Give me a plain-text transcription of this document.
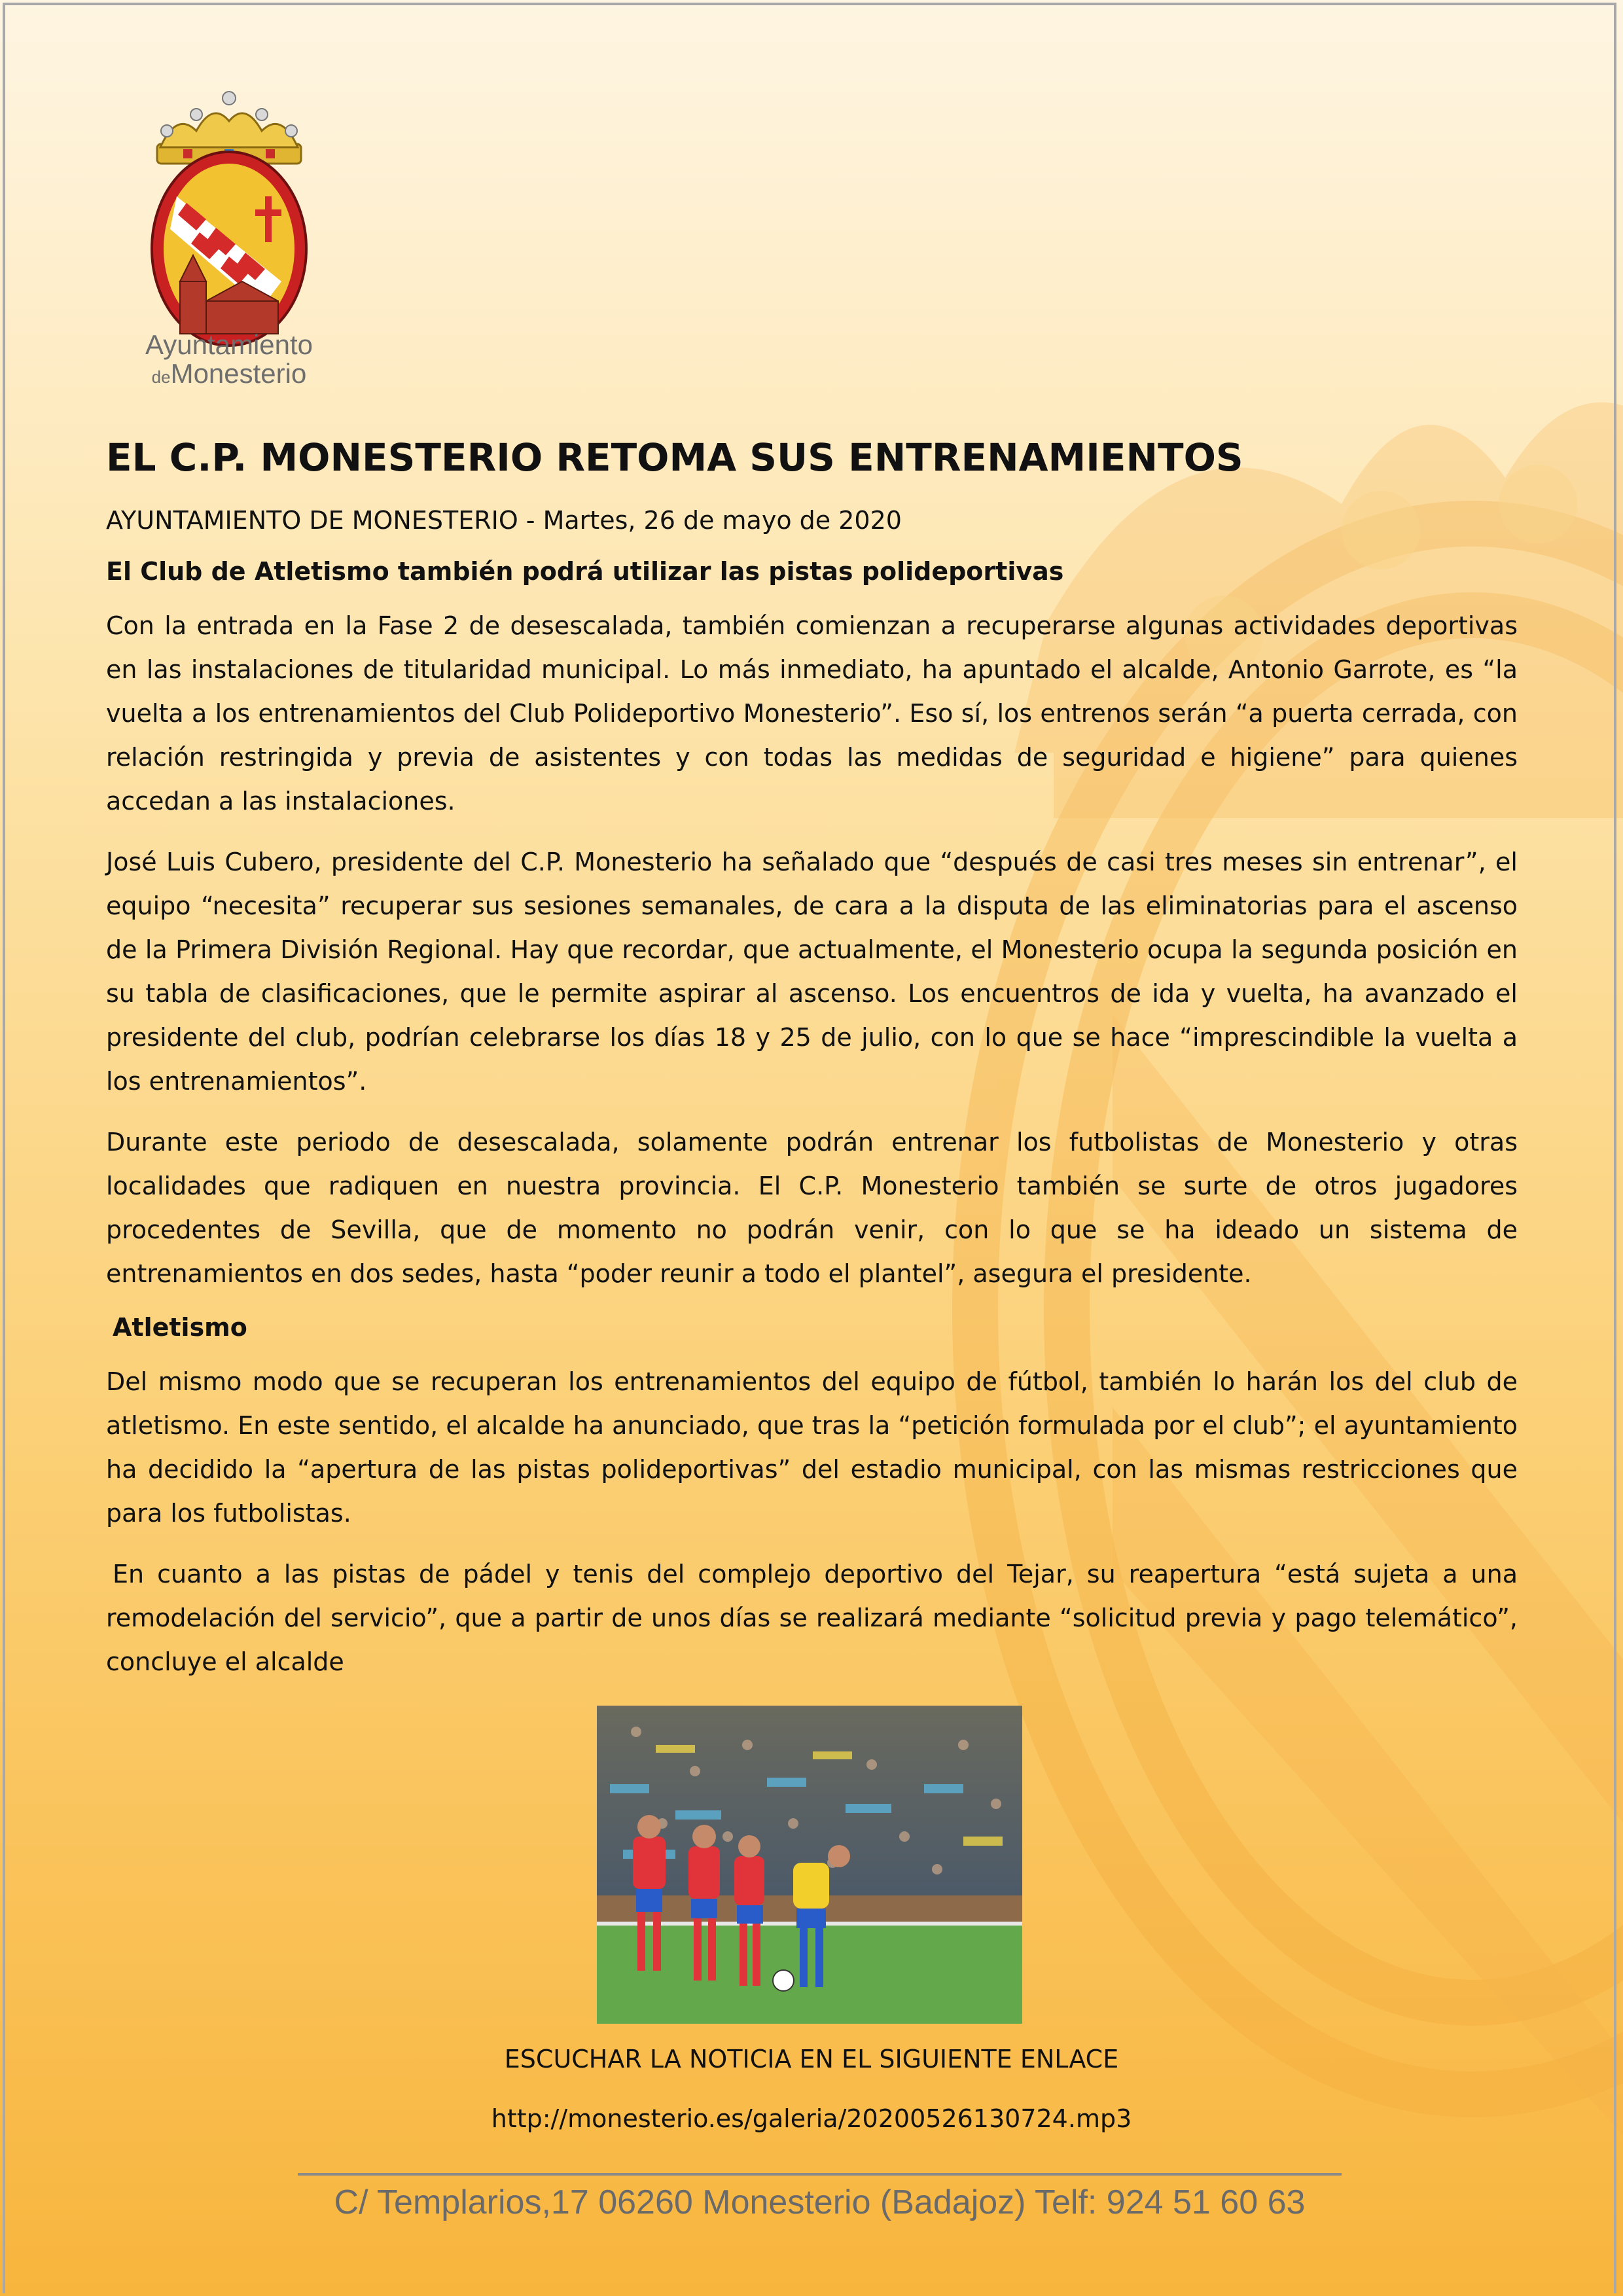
Ayuntamiento
deMonesterio
EL C.P. MONESTERIO RETOMA SUS ENTRENAMIENTOS

AYUNTAMIENTO DE MONESTERIO - Martes, 26 de mayo de 2020

El Club de Atletismo también podrá utilizar las pistas polideportivas

Con la entrada en la Fase 2 de desescalada, también comienzan a recuperarse algunas actividades deportivas en las instalaciones de titularidad municipal. Lo más inmediato, ha apuntado el alcalde, Antonio Garrote, es “la vuelta a los entrenamientos del Club Polideportivo Monesterio”. Eso sí, los entrenos serán “a puerta cerrada, con relación restringida y previa de asistentes y con todas las medidas de seguridad e higiene” para quienes accedan a las instalaciones.

José Luis Cubero, presidente del C.P. Monesterio ha señalado que “después de casi tres meses sin entrenar”, el equipo “necesita” recuperar sus sesiones semanales, de cara a la disputa de las eliminatorias para el ascenso de la Primera División Regional. Hay que recordar, que actualmente, el Monesterio ocupa la segunda posición en su tabla de clasificaciones, que le permite aspirar al ascenso. Los encuentros de ida y vuelta, ha avanzado el presidente del club, podrían celebrarse los días 18 y 25 de julio, con lo que se hace “imprescindible la vuelta a los entrenamientos”.

Durante este periodo de desescalada, solamente podrán entrenar los futbolistas de Monesterio y otras localidades que radiquen en nuestra provincia. El C.P. Monesterio también se surte de otros jugadores procedentes de Sevilla, que de momento no podrán venir, con lo que se ha ideado un sistema de entrenamientos en dos sedes, hasta “poder reunir a todo el plantel”, asegura el presidente.

Atletismo

Del mismo modo que se recuperan los entrenamientos del equipo de fútbol, también lo harán los del club de atletismo. En este sentido, el alcalde ha anunciado, que tras la “petición formulada por el club”; el ayuntamiento ha decidido la “apertura de las pistas polideportivas” del estadio municipal, con las mismas restricciones que para los futbolistas.

En cuanto a las pistas de pádel y tenis del complejo deportivo del Tejar, su reapertura “está sujeta a una remodelación del servicio”, que a partir de unos días se realizará mediante “solicitud previa y pago telemático”, concluye el alcalde

ESCUCHAR LA NOTICIA EN EL SIGUIENTE ENLACE
http://monesterio.es/galeria/20200526130724.mp3
C/ Templarios,17 06260 Monesterio (Badajoz) Telf: 924 51 60 63
